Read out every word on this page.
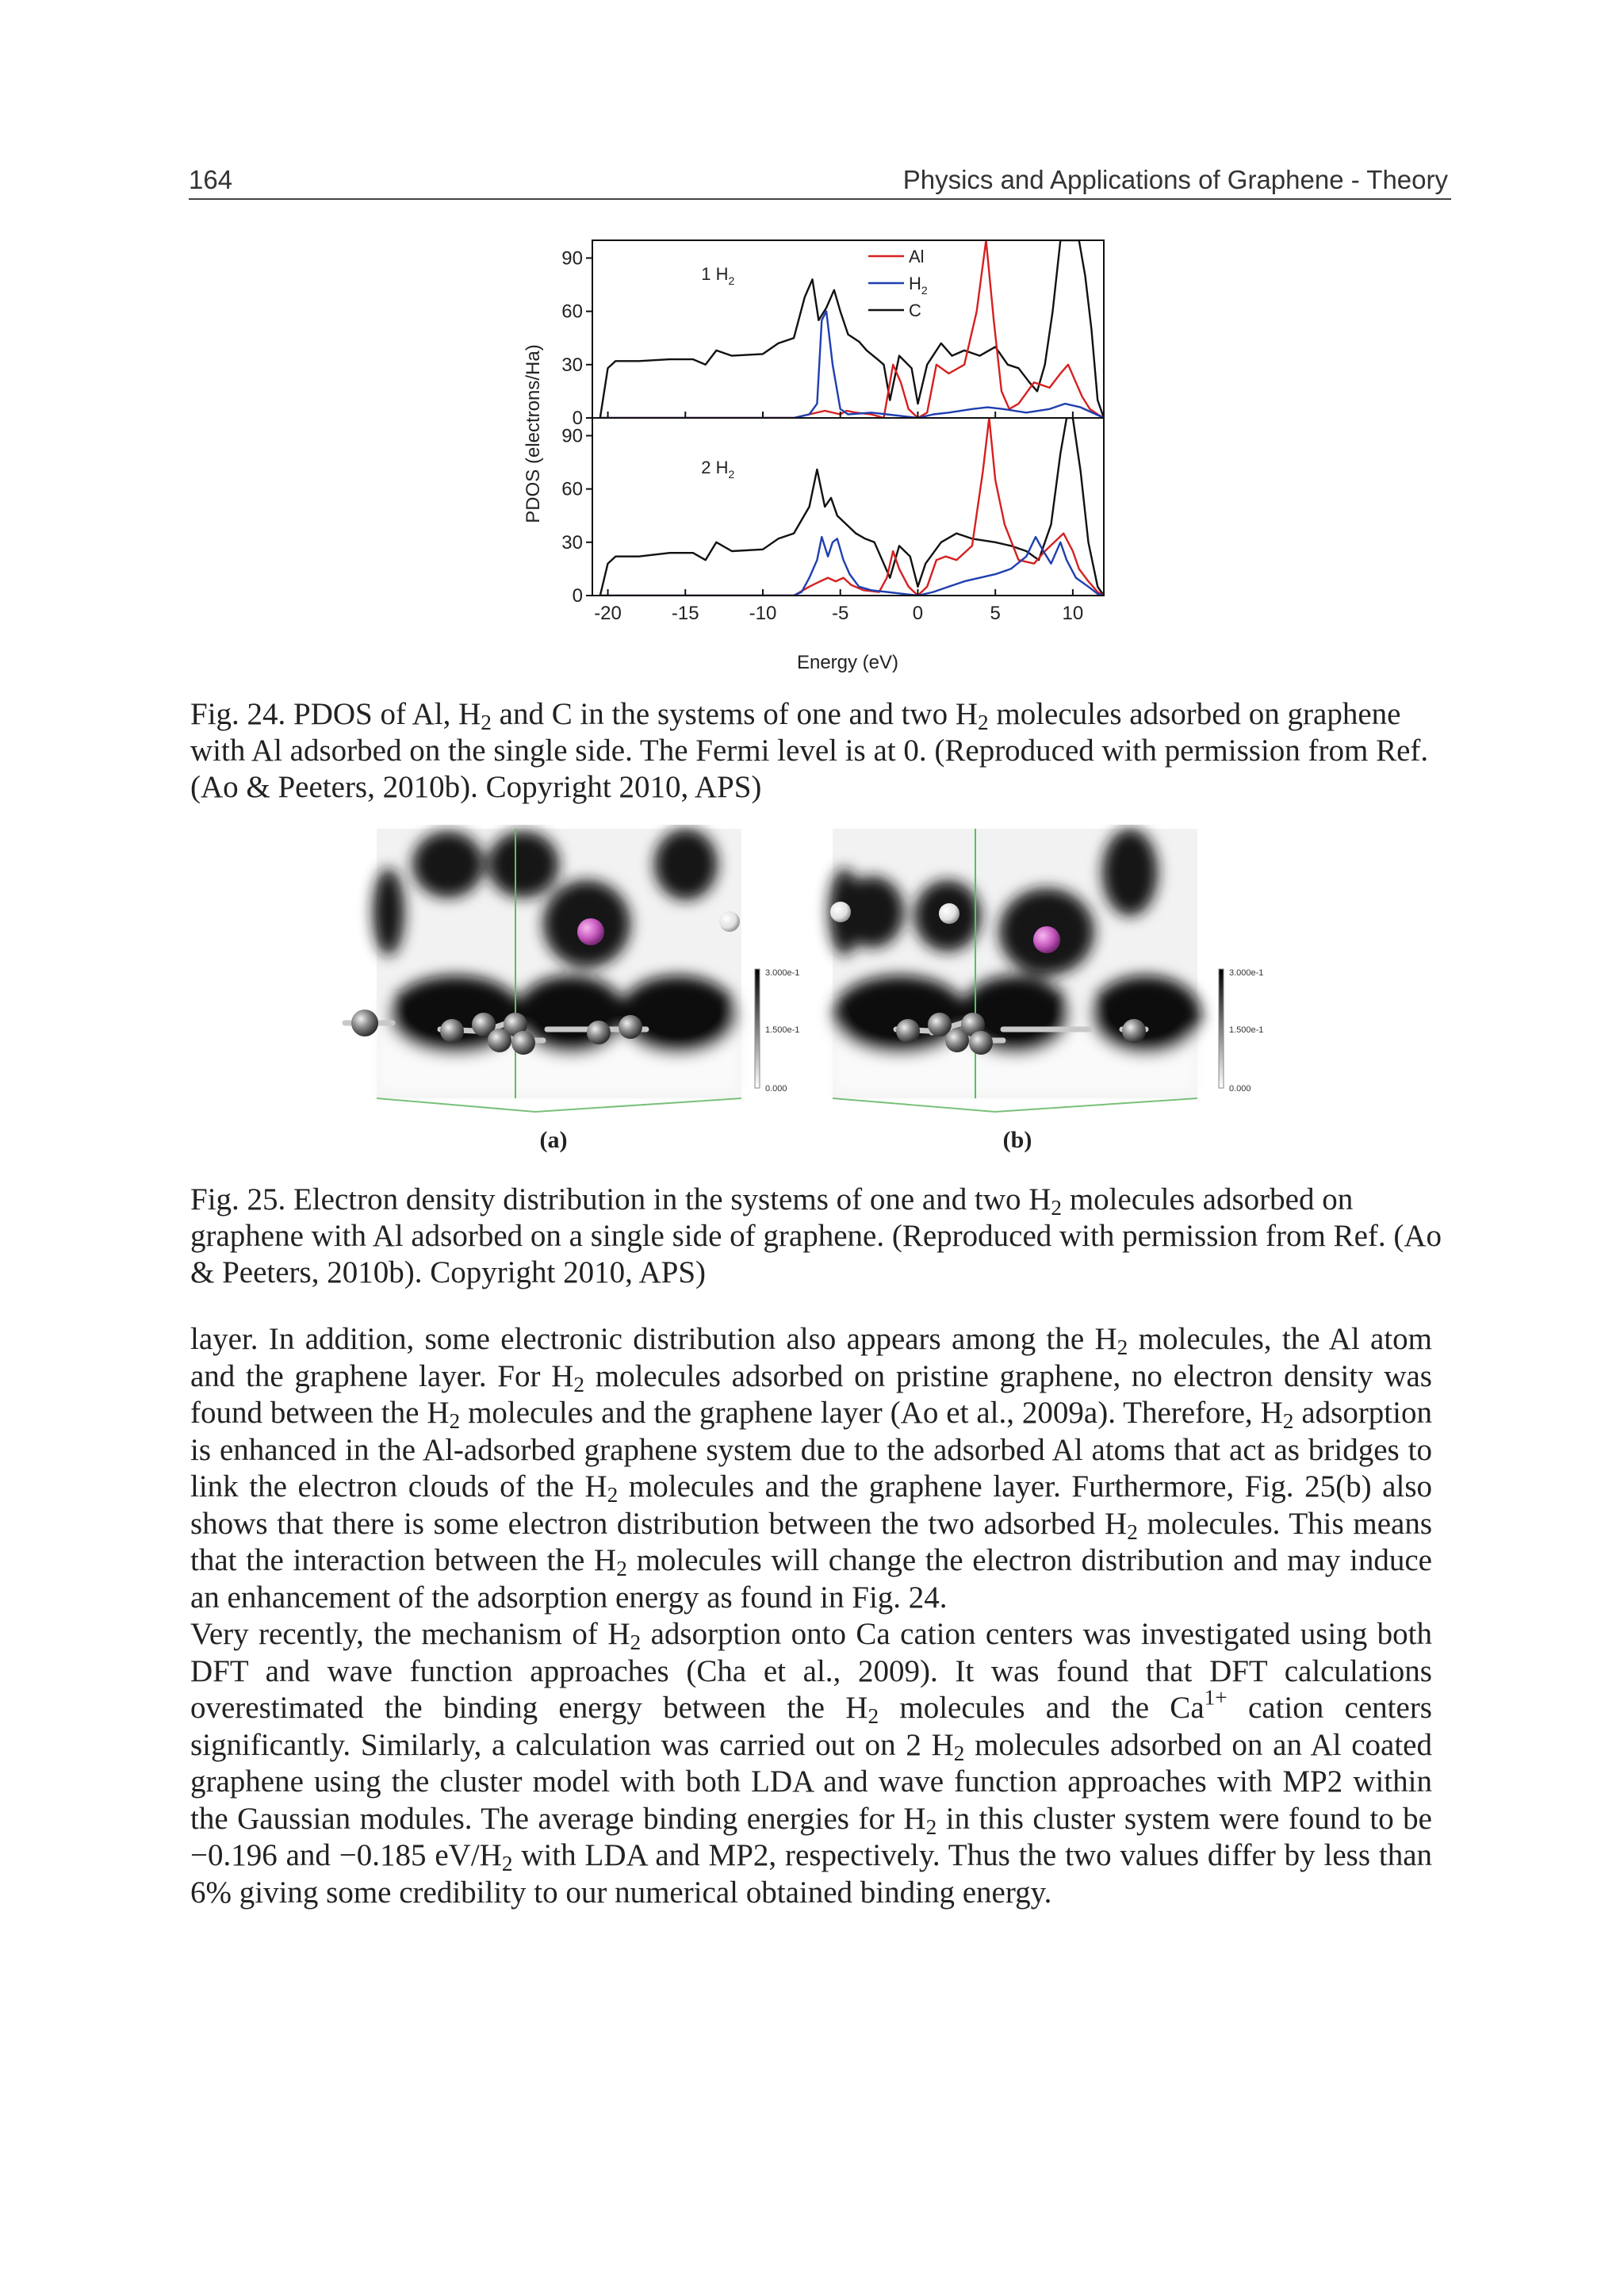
164	Physics and Applications of Graphene - Theory
0
30
60
90
1 $H_2$
0
30
60
90
2 $H_2$
-20	-15	-10	-5	0	5	10
Al
$H_2$
C
Energy (eV)
PDOS (electrons/Ha)
Fig. 24. PDOS of Al, $H_2$ and C in the systems of one and two $H_2$ molecules adsorbed on graphene with Al adsorbed on the single side. The Fermi level is at 0. (Reproduced with permission from Ref. (Ao & Peeters, 2010b). Copyright 2010, APS)
3.000e-1
1.500e-1
0.000
(a)
3.000e-1
1.500e-1
0.000
(b)
Fig. 25. Electron density distribution in the systems of one and two $H_2$ molecules adsorbed on graphene with Al adsorbed on a single side of graphene. (Reproduced with permission from Ref. (Ao & Peeters, 2010b). Copyright 2010, APS)

layer. In addition, some electronic distribution also appears among the $H_2$ molecules, the Al atom and the graphene layer. For $H_2$ molecules adsorbed on pristine graphene, no electron density was found between the $H_2$ molecules and the graphene layer (Ao et al., 2009a). Therefore, $H_2$ adsorption is enhanced in the Al-adsorbed graphene system due to the adsorbed Al atoms that act as bridges to link the electron clouds of the $H_2$ molecules and the graphene layer. Furthermore, Fig. 25(b) also shows that there is some electron distribution between the two adsorbed $H_2$ molecules. This means that the interaction between the $H_2$ molecules will change the electron distribution and may induce an enhancement of the adsorption energy as found in Fig. 24.

Very recently, the mechanism of $H_2$ adsorption onto Ca cation centers was investigated using both DFT and wave function approaches (Cha et al., 2009). It was found that DFT calculations overestimated the binding energy between the $H_2$ molecules and the $Ca^{1+}$ cation centers significantly. Similarly, a calculation was carried out on 2 $H_2$ molecules adsorbed on an Al coated graphene using the cluster model with both LDA and wave function approaches with MP2 within the Gaussian modules. The average binding energies for $H_2$ in this cluster system were found to be −0.196 and −0.185 $eV/H_2$ with LDA and MP2, respectively. Thus the two values differ by less than 6% giving some credibility to our numerical obtained binding energy.
